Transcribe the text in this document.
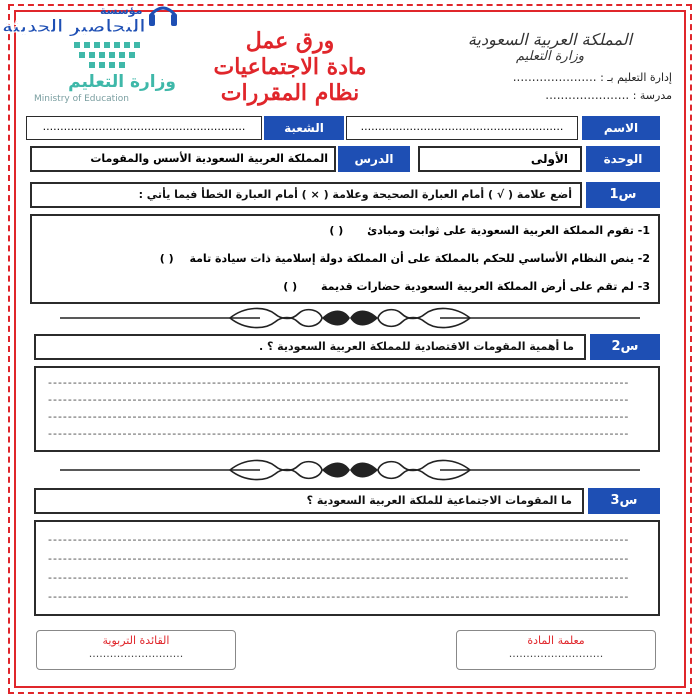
مؤسسة
التحاضير الحديثة
وزارة التعليم
Ministry of Education
ورق عمل
مادة الاجتماعيات
نظام المقررات
المملكة العربية السعودية
وزارة التعليم
إدارة التعليم بـ : ......................
مدرسة : ......................
الاسم
..........................................................
الشعبة
..........................................................
الوحدة
الأولى
الدرس
المملكة العربية السعودية الأسس والمقومات
س1
أضع علامة ( √ ) أمام العبارة الصحيحة وعلامة ( × ) أمام العبارة الخطأ فيما يأتي :
1- تقوم المملكة العربية السعودية على ثوابت ومبادئ ( )
2- ينص النظام الأساسي للحكم بالمملكة على أن المملكة دولة إسلامية ذات سيادة تامة ( )
3- لم تقم على أرض المملكة العربية السعودية حضارات قديمة ( )
س2
ما أهمية المقومات الاقتصادية للمملكة العربية السعودية ؟ .
---------------------------------------------------------------------------------------------------------------------
---------------------------------------------------------------------------------------------------------------------
---------------------------------------------------------------------------------------------------------------------
---------------------------------------------------------------------------------------------------------------------
س3
ما المقومات الاجتماعية للملكة العربية السعودية ؟
---------------------------------------------------------------------------------------------------------------------
---------------------------------------------------------------------------------------------------------------------
---------------------------------------------------------------------------------------------------------------------
---------------------------------------------------------------------------------------------------------------------
معلمة المادة
...........................
القائدة التربوية
...........................
